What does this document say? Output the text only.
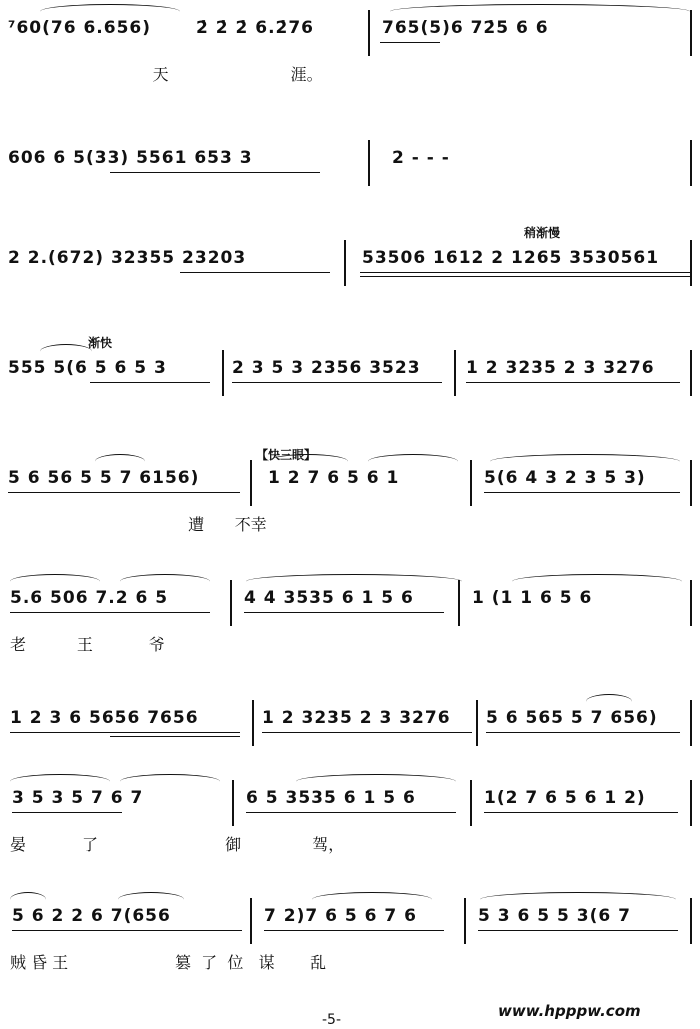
⁷60(76 6.656)	2̇ 2̇ 2̇ 6.2̇76	765(5)6 72̇5 6 6
天                        涯。
606 6 5(33) 5561 653 3	2 - - -
稍渐慢
2 2.(672) 32355 23203	53506 1612 2 1265 3530561
渐快
555 5(6 5 6 5 3	2 3 5 3 2356 3523	1 2 3235 2 3 3276
【快三眼】
5 6 56 5 5 7 6156)	1 2 7 6 5 6 1	5(6 4 3 2 3 5 3)
遭      不幸
5.6 506 7.2 6 5	4 4 3535 6 1 5 6	1 (1 1 6 5 6
老          王           爷
1 2 3 6 5656 7656	1 2 3235 2 3 3276 5 6 565 5 7 656)
3 5 3 5 7 6 7	6 5 3535 6 1 5 6	1(2 7 6 5 6 1 2)
晏           了                         御              驾，
5 6 2 2 6 7(656	7 2)7 6 5 6 7 6	5 3 6 5 5 3(6 7
贼 昏 王                     篡  了  位   谋       乱
-5-	www.hpppw.com
